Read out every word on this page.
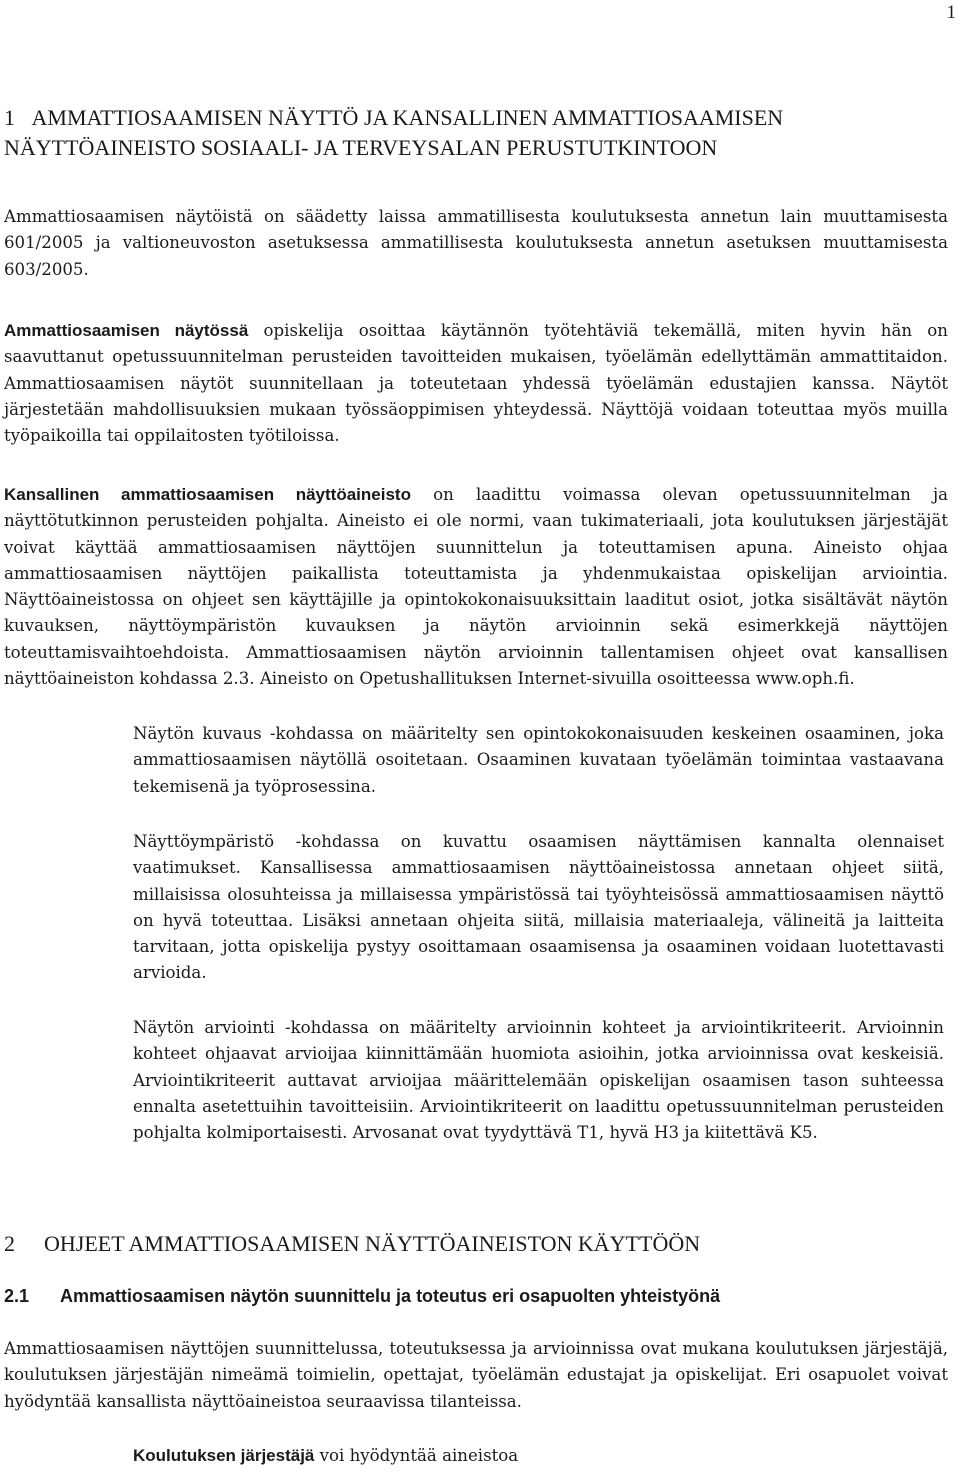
1
1 AMMATTIOSAAMISEN NÄYTTÖ JA KANSALLINEN AMMATTIOSAAMISEN
NÄYTTÖAINEISTO SOSIAALI- JA TERVEYSALAN PERUSTUTKINTOON

Ammattiosaamisen näytöistä on säädetty laissa ammatillisesta koulutuksesta annetun lain muuttamisesta 601/2005 ja valtioneuvoston asetuksessa ammatillisesta koulutuksesta annetun asetuksen muuttamisesta 603/2005.

Ammattiosaamisen näytössä opiskelija osoittaa käytännön työtehtäviä tekemällä, miten hyvin hän on saavuttanut opetussuunnitelman perusteiden tavoitteiden mukaisen, työelämän edellyttämän ammattitaidon. Ammattiosaamisen näytöt suunnitellaan ja toteutetaan yhdessä työelämän edustajien kanssa. Näytöt järjestetään mahdollisuuksien mukaan työssäoppimisen yhteydessä. Näyttöjä voidaan toteuttaa myös muilla työpaikoilla tai oppilaitosten työtiloissa.

Kansallinen ammattiosaamisen näyttöaineisto on laadittu voimassa olevan opetussuunnitelman ja näyttötutkinnon perusteiden pohjalta. Aineisto ei ole normi, vaan tukimateriaali, jota koulutuksen järjestäjät voivat käyttää ammattiosaamisen näyttöjen suunnittelun ja toteuttamisen apuna. Aineisto ohjaa ammattiosaamisen näyttöjen paikallista toteuttamista ja yhdenmukaistaa opiskelijan arviointia. Näyttöaineistossa on ohjeet sen käyttäjille ja opintokokonaisuuksittain laaditut osiot, jotka sisältävät näytön kuvauksen, näyttöympäristön kuvauksen ja näytön arvioinnin sekä esimerkkejä näyttöjen toteuttamisvaihtoehdoista. Ammattiosaamisen näytön arvioinnin tallentamisen ohjeet ovat kansallisen näyttöaineiston kohdassa 2.3. Aineisto on Opetushallituksen Internet-sivuilla osoitteessa www.oph.fi.

Näytön kuvaus -kohdassa on määritelty sen opintokokonaisuuden keskeinen osaaminen, joka ammattiosaamisen näytöllä osoitetaan. Osaaminen kuvataan työelämän toimintaa vastaavana tekemisenä ja työprosessina.

Näyttöympäristö -kohdassa on kuvattu osaamisen näyttämisen kannalta olennaiset vaatimukset. Kansallisessa ammattiosaamisen näyttöaineistossa annetaan ohjeet siitä, millaisissa olosuhteissa ja millaisessa ympäristössä tai työyhteisössä ammattiosaamisen näyttö on hyvä toteuttaa. Lisäksi annetaan ohjeita siitä, millaisia materiaaleja, välineitä ja laitteita tarvitaan, jotta opiskelija pystyy osoittamaan osaamisensa ja osaaminen voidaan luotettavasti arvioida.

Näytön arviointi -kohdassa on määritelty arvioinnin kohteet ja arviointikriteerit. Arvioinnin kohteet ohjaavat arvioijaa kiinnittämään huomiota asioihin, jotka arvioinnissa ovat keskeisiä. Arviointikriteerit auttavat arvioijaa määrittelemään opiskelijan osaamisen tason suhteessa ennalta asetettuihin tavoitteisiin. Arviointikriteerit on laadittu opetussuunnitelman perusteiden pohjalta kolmiportaisesti. Arvosanat ovat tyydyttävä T1, hyvä H3 ja kiitettävä K5.

2 OHJEET AMMATTIOSAAMISEN NÄYTTÖAINEISTON KÄYTTÖÖN
2.1 Ammattiosaamisen näytön suunnittelu ja toteutus eri osapuolten yhteistyönä

Ammattiosaamisen näyttöjen suunnittelussa, toteutuksessa ja arvioinnissa ovat mukana koulutuksen järjestäjä, koulutuksen järjestäjän nimeämä toimielin, opettajat, työelämän edustajat ja opiskelijat. Eri osapuolet voivat hyödyntää kansallista näyttöaineistoa seuraavissa tilanteissa.

Koulutuksen järjestäjä voi hyödyntää aineistoa
